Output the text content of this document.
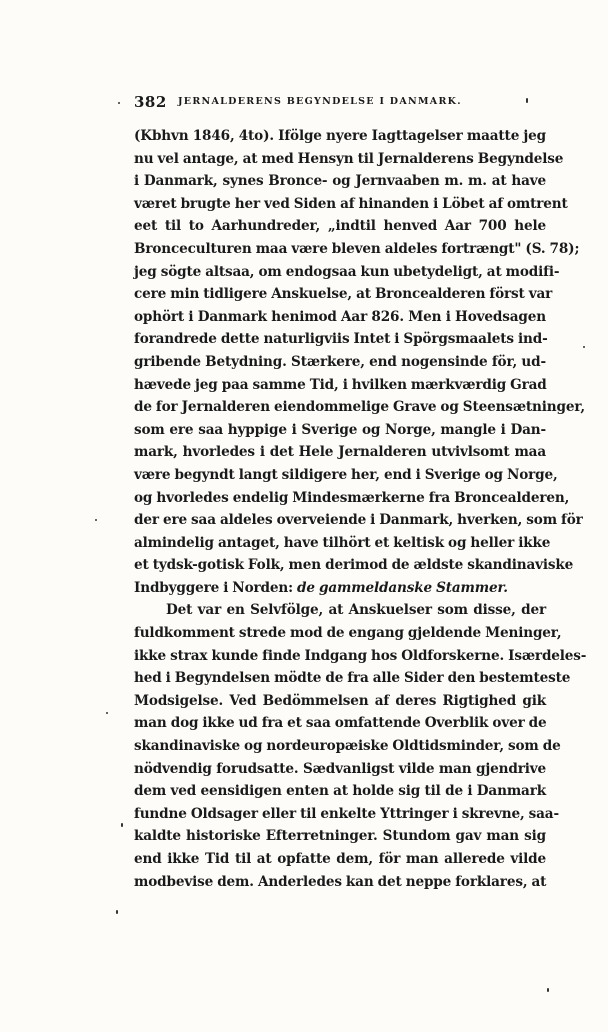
382 JERNALDERENS BEGYNDELSE I DANMARK.
(Kbhvn 1846, 4to). Ifölge nyere Iagttagelser maatte jeg
nu vel antage, at med Hensyn til Jernalderens Begyndelse
i Danmark, synes Bronce- og Jernvaaben m. m. at have
været brugte her ved Siden af hinanden i Löbet af omtrent
eet til to Aarhundreder, „indtil henved Aar 700 hele
Bronceculturen maa være bleven aldeles fortrængt" (S. 78);
jeg sögte altsaa, om endogsaa kun ubetydeligt, at modifi-
cere min tidligere Anskuelse, at Broncealderen först var
ophört i Danmark henimod Aar 826. Men i Hovedsagen
forandrede dette naturligviis Intet i Spörgsmaalets ind-
gribende Betydning. Stærkere, end nogensinde för, ud-
hævede jeg paa samme Tid, i hvilken mærkværdig Grad
de for Jernalderen eiendommelige Grave og Steensætninger,
som ere saa hyppige i Sverige og Norge, mangle i Dan-
mark, hvorledes i det Hele Jernalderen utvivlsomt maa
være begyndt langt sildigere her, end i Sverige og Norge,
og hvorledes endelig Mindesmærkerne fra Broncealderen,
der ere saa aldeles overveiende i Danmark, hverken, som för
almindelig antaget, have tilhört et keltisk og heller ikke
et tydsk-gotisk Folk, men derimod de ældste skandinaviske
Indbyggere i Norden: de gammeldanske Stammer.
Det var en Selvfölge, at Anskuelser som disse, der
fuldkomment strede mod de engang gjeldende Meninger,
ikke strax kunde finde Indgang hos Oldforskerne. Isærdeles-
hed i Begyndelsen mödte de fra alle Sider den bestemteste
Modsigelse. Ved Bedömmelsen af deres Rigtighed gik
man dog ikke ud fra et saa omfattende Overblik over de
skandinaviske og nordeuropæiske Oldtidsminder, som de
nödvendig forudsatte. Sædvanligst vilde man gjendrive
dem ved eensidigen enten at holde sig til de i Danmark
fundne Oldsager eller til enkelte Yttringer i skrevne, saa-
kaldte historiske Efterretninger. Stundom gav man sig
end ikke Tid til at opfatte dem, för man allerede vilde
modbevise dem. Anderledes kan det neppe forklares, at
